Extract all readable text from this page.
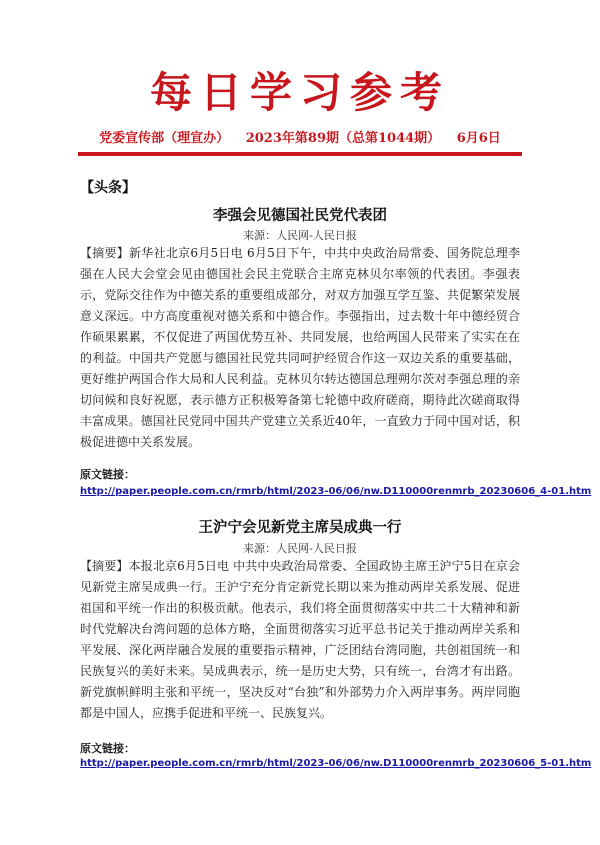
每日学习参考
党委宣传部（理宣办） 2023年第89期（总第1044期） 6月6日
【头条】
李强会见德国社民党代表团
来源：人民网-人民日报

【摘要】新华社北京6月5日电 6月5日下午，中共中央政治局常委、国务院总理李强在人民大会堂会见由德国社会民主党联合主席克林贝尔率领的代表团。李强表示，党际交往作为中德关系的重要组成部分，对双方加强互学互鉴、共促繁荣发展意义深远。中方高度重视对德关系和中德合作。李强指出，过去数十年中德经贸合作硕果累累，不仅促进了两国优势互补、共同发展，也给两国人民带来了实实在在的利益。中国共产党愿与德国社民党共同呵护经贸合作这一双边关系的重要基础，更好维护两国合作大局和人民利益。克林贝尔转达德国总理朔尔茨对李强总理的亲切问候和良好祝愿，表示德方正积极筹备第七轮德中政府磋商，期待此次磋商取得丰富成果。德国社民党同中国共产党建立关系近40年，一直致力于同中国对话，积极促进德中关系发展。

原文链接：
http://paper.people.com.cn/rmrb/html/2023-06/06/nw.D110000renmrb_20230606_4-01.htm
王沪宁会见新党主席吴成典一行
来源：人民网-人民日报

【摘要】本报北京6月5日电 中共中央政治局常委、全国政协主席王沪宁5日在京会见新党主席吴成典一行。王沪宁充分肯定新党长期以来为推动两岸关系发展、促进祖国和平统一作出的积极贡献。他表示，我们将全面贯彻落实中共二十大精神和新时代党解决台湾问题的总体方略，全面贯彻落实习近平总书记关于推动两岸关系和平发展、深化两岸融合发展的重要指示精神，广泛团结台湾同胞，共创祖国统一和民族复兴的美好未来。吴成典表示，统一是历史大势，只有统一，台湾才有出路。新党旗帜鲜明主张和平统一，坚决反对“台独”和外部势力介入两岸事务。两岸同胞都是中国人，应携手促进和平统一、民族复兴。

原文链接：
http://paper.people.com.cn/rmrb/html/2023-06/06/nw.D110000renmrb_20230606_5-01.htm
